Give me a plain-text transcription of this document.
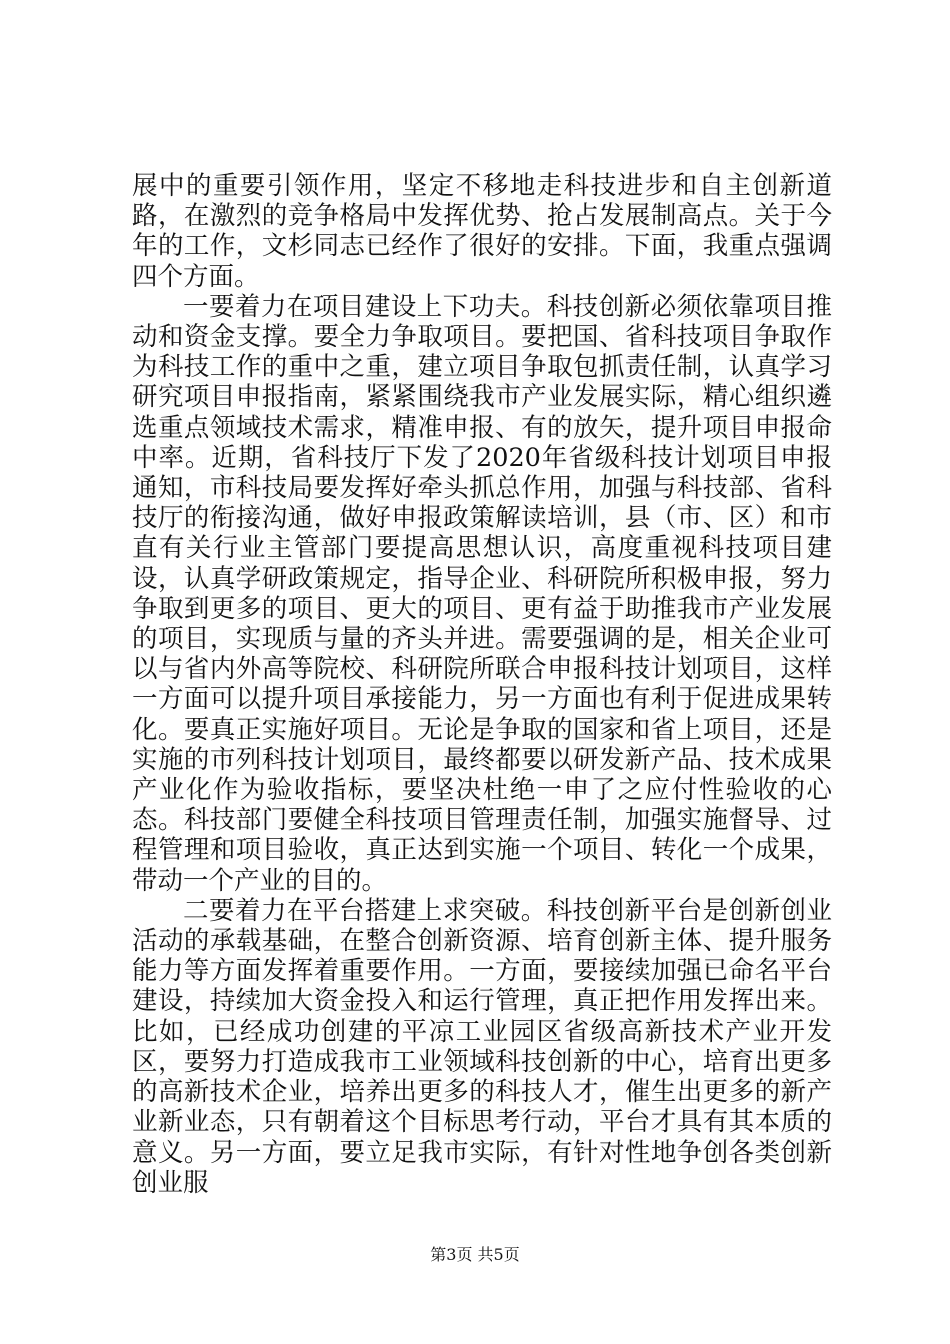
展中的重要引领作用，坚定不移地走科技进步和自主创新道路，在激烈的竞争格局中发挥优势、抢占发展制高点。关于今年的工作，文杉同志已经作了很好的安排。下面，我重点强调四个方面。

一要着力在项目建设上下功夫。科技创新必须依靠项目推动和资金支撑。要全力争取项目。要把国、省科技项目争取作为科技工作的重中之重，建立项目争取包抓责任制，认真学习研究项目申报指南，紧紧围绕我市产业发展实际，精心组织遴选重点领域技术需求，精准申报、有的放矢，提升项目申报命中率。近期，省科技厅下发了2020年省级科技计划项目申报通知，市科技局要发挥好牵头抓总作用，加强与科技部、省科技厅的衔接沟通，做好申报政策解读培训，县（市、区）和市直有关行业主管部门要提高思想认识，高度重视科技项目建设，认真学研政策规定，指导企业、科研院所积极申报，努力争取到更多的项目、更大的项目、更有益于助推我市产业发展的项目，实现质与量的齐头并进。需要强调的是，相关企业可以与省内外高等院校、科研院所联合申报科技计划项目，这样一方面可以提升项目承接能力，另一方面也有利于促进成果转化。要真正实施好项目。无论是争取的国家和省上项目，还是实施的市列科技计划项目，最终都要以研发新产品、技术成果产业化作为验收指标，要坚决杜绝一申了之应付性验收的心态。科技部门要健全科技项目管理责任制，加强实施督导、过程管理和项目验收，真正达到实施一个项目、转化一个成果，带动一个产业的目的。

二要着力在平台搭建上求突破。科技创新平台是创新创业活动的承载基础，在整合创新资源、培育创新主体、提升服务能力等方面发挥着重要作用。一方面，要接续加强已命名平台建设，持续加大资金投入和运行管理，真正把作用发挥出来。比如，已经成功创建的平凉工业园区省级高新技术产业开发区，要努力打造成我市工业领域科技创新的中心，培育出更多的高新技术企业，培养出更多的科技人才，催生出更多的新产业新业态，只有朝着这个目标思考行动，平台才具有其本质的意义。另一方面，要立足我市实际，有针对性地争创各类创新创业服

第3页 共5页
